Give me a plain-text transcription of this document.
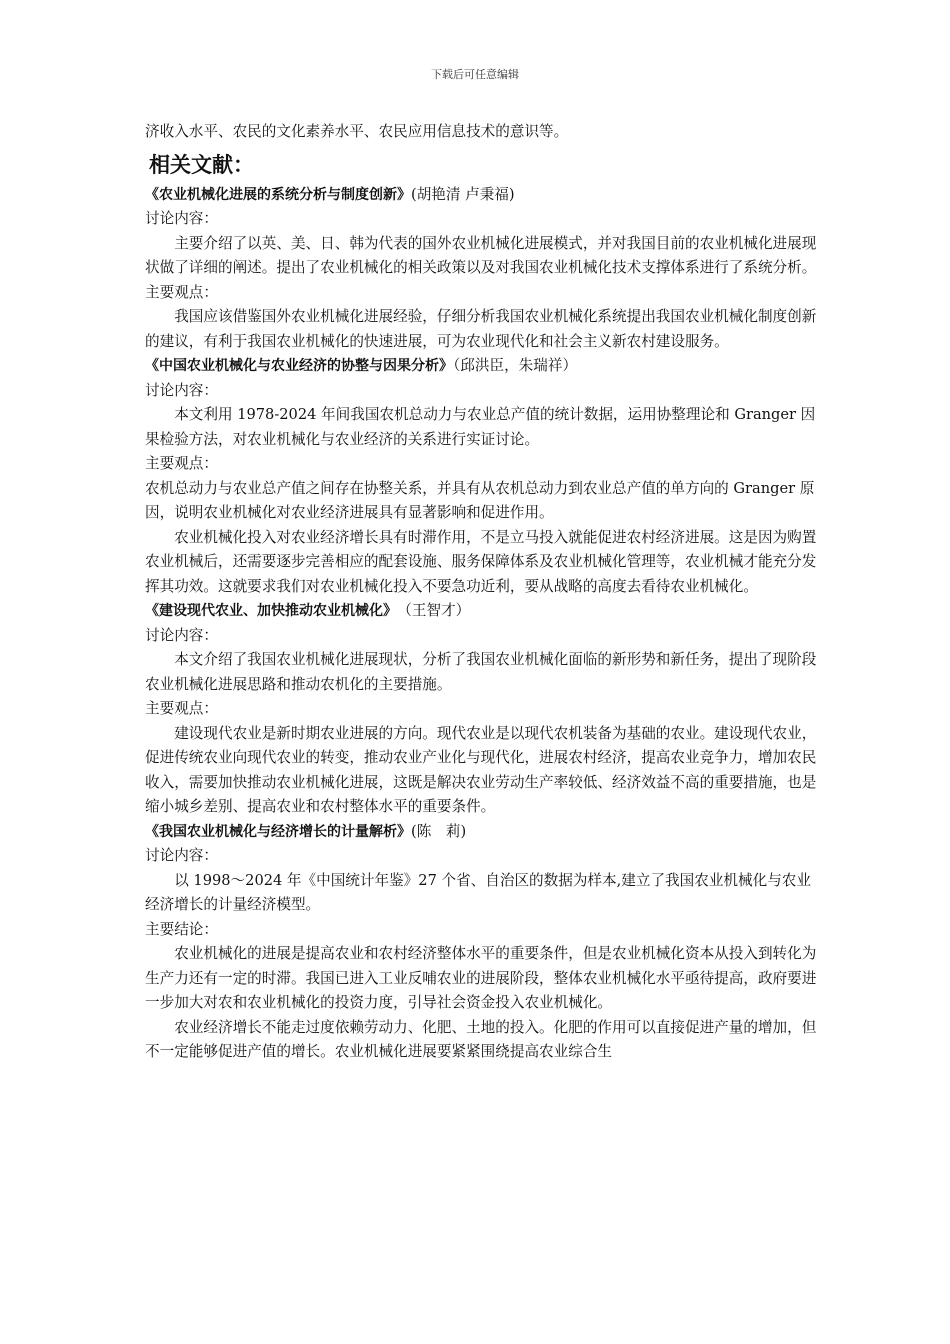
下载后可任意编辑

济收入水平、农民的文化素养水平、农民应用信息技术的意识等。

相关文献：

《农业机械化进展的系统分析与制度创新》(胡艳清 卢秉福)

讨论内容：

主要介绍了以英、美、日、韩为代表的国外农业机械化进展模式，并对我国目前的农业机械化进展现状做了详细的阐述。提出了农业机械化的相关政策以及对我国农业机械化技术支撑体系进行了系统分析。

主要观点：

我国应该借鉴国外农业机械化进展经验，仔细分析我国农业机械化系统提出我国农业机械化制度创新的建议，有利于我国农业机械化的快速进展，可为农业现代化和社会主义新农村建设服务。

《中国农业机械化与农业经济的协整与因果分析》（邱洪臣，朱瑞祥）

讨论内容：

本文利用 1978-2024 年间我国农机总动力与农业总产值的统计数据，运用协整理论和 Granger 因果检验方法，对农业机械化与农业经济的关系进行实证讨论。

主要观点：

农机总动力与农业总产值之间存在协整关系，并具有从农机总动力到农业总产值的单方向的 Granger 原因，说明农业机械化对农业经济进展具有显著影响和促进作用。

农业机械化投入对农业经济增长具有时滞作用，不是立马投入就能促进农村经济进展。这是因为购置农业机械后，还需要逐步完善相应的配套设施、服务保障体系及农业机械化管理等，农业机械才能充分发挥其功效。这就要求我们对农业机械化投入不要急功近利，要从战略的高度去看待农业机械化。

《建设现代农业、加快推动农业机械化》　（王智才）

讨论内容：

本文介绍了我国农业机械化进展现状，分析了我国农业机械化面临的新形势和新任务，提出了现阶段农业机械化进展思路和推动农机化的主要措施。

主要观点：

建设现代农业是新时期农业进展的方向。现代农业是以现代农机装备为基础的农业。建设现代农业，促进传统农业向现代农业的转变，推动农业产业化与现代化，进展农村经济，提高农业竞争力，增加农民收入，需要加快推动农业机械化进展，这既是解决农业劳动生产率较低、经济效益不高的重要措施，也是缩小城乡差别、提高农业和农村整体水平的重要条件。

《我国农业机械化与经济增长的计量解析》(陈　莉)

讨论内容：

以 1998～2024 年《中国统计年鉴》27 个省、自治区的数据为样本,建立了我国农业机械化与农业经济增长的计量经济模型。

主要结论：

农业机械化的进展是提高农业和农村经济整体水平的重要条件，但是农业机械化资本从投入到转化为生产力还有一定的时滞。我国已进入工业反哺农业的进展阶段，整体农业机械化水平亟待提高，政府要进一步加大对农和农业机械化的投资力度，引导社会资金投入农业机械化。

农业经济增长不能走过度依赖劳动力、化肥、土地的投入。化肥的作用可以直接促进产量的增加，但不一定能够促进产值的增长。农业机械化进展要紧紧围绕提高农业综合生
